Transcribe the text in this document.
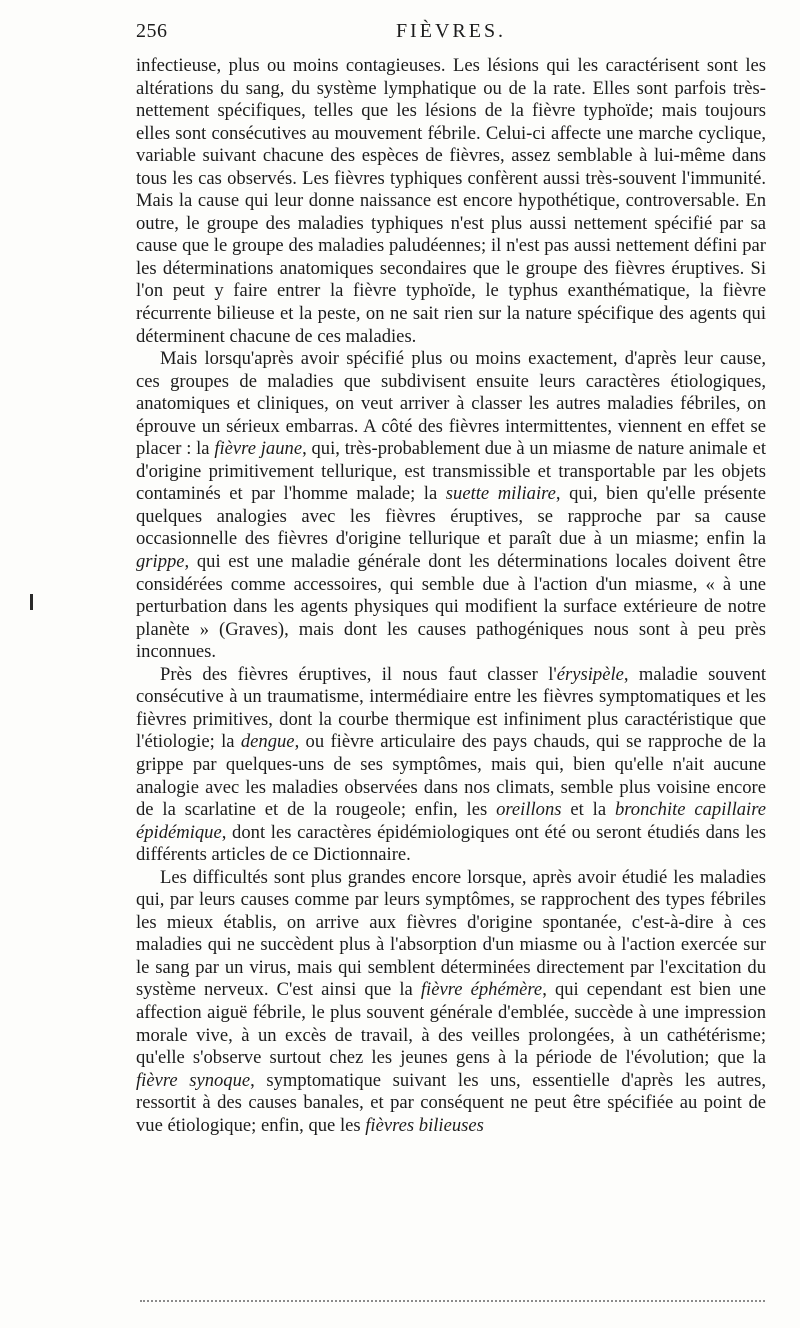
256	FIÈVRES.

infectieuse, plus ou moins contagieuses. Les lésions qui les caractérisent sont les altérations du sang, du système lymphatique ou de la rate. Elles sont parfois très-nettement spécifiques, telles que les lésions de la fièvre typhoïde; mais toujours elles sont consécutives au mouvement fébrile. Celui-ci affecte une marche cyclique, variable suivant chacune des espèces de fièvres, assez semblable à lui-même dans tous les cas observés. Les fièvres typhiques confèrent aussi très-souvent l'immunité. Mais la cause qui leur donne naissance est encore hypothétique, controversable. En outre, le groupe des maladies typhiques n'est plus aussi nettement spécifié par sa cause que le groupe des maladies paludéennes; il n'est pas aussi nettement défini par les déterminations anatomiques secondaires que le groupe des fièvres éruptives. Si l'on peut y faire entrer la fièvre typhoïde, le typhus exanthématique, la fièvre récurrente bilieuse et la peste, on ne sait rien sur la nature spécifique des agents qui déterminent chacune de ces maladies.

Mais lorsqu'après avoir spécifié plus ou moins exactement, d'après leur cause, ces groupes de maladies que subdivisent ensuite leurs caractères étiologiques, anatomiques et cliniques, on veut arriver à classer les autres maladies fébriles, on éprouve un sérieux embarras. A côté des fièvres intermittentes, viennent en effet se placer : la fièvre jaune, qui, très-probablement due à un miasme de nature animale et d'origine primitivement tellurique, est transmissible et transportable par les objets contaminés et par l'homme malade; la suette miliaire, qui, bien qu'elle présente quelques analogies avec les fièvres éruptives, se rapproche par sa cause occasionnelle des fièvres d'origine tellurique et paraît due à un miasme; enfin la grippe, qui est une maladie générale dont les déterminations locales doivent être considérées comme accessoires, qui semble due à l'action d'un miasme, « à une perturbation dans les agents physiques qui modifient la surface extérieure de notre planète » (Graves), mais dont les causes pathogéniques nous sont à peu près inconnues.

Près des fièvres éruptives, il nous faut classer l'érysipèle, maladie souvent consécutive à un traumatisme, intermédiaire entre les fièvres symptomatiques et les fièvres primitives, dont la courbe thermique est infiniment plus caractéristique que l'étiologie; la dengue, ou fièvre articulaire des pays chauds, qui se rapproche de la grippe par quelques-uns de ses symptômes, mais qui, bien qu'elle n'ait aucune analogie avec les maladies observées dans nos climats, semble plus voisine encore de la scarlatine et de la rougeole; enfin, les oreillons et la bronchite capillaire épidémique, dont les caractères épidémiologiques ont été ou seront étudiés dans les différents articles de ce Dictionnaire.

Les difficultés sont plus grandes encore lorsque, après avoir étudié les maladies qui, par leurs causes comme par leurs symptômes, se rapprochent des types fébriles les mieux établis, on arrive aux fièvres d'origine spontanée, c'est-à-dire à ces maladies qui ne succèdent plus à l'absorption d'un miasme ou à l'action exercée sur le sang par un virus, mais qui semblent déterminées directement par l'excitation du système nerveux. C'est ainsi que la fièvre éphémère, qui cependant est bien une affection aiguë fébrile, le plus souvent générale d'emblée, succède à une impression morale vive, à un excès de travail, à des veilles prolongées, à un cathétérisme; qu'elle s'observe surtout chez les jeunes gens à la période de l'évolution; que la fièvre synoque, symptomatique suivant les uns, essentielle d'après les autres, ressortit à des causes banales, et par conséquent ne peut être spécifiée au point de vue étiologique; enfin, que les fièvres bilieuses
